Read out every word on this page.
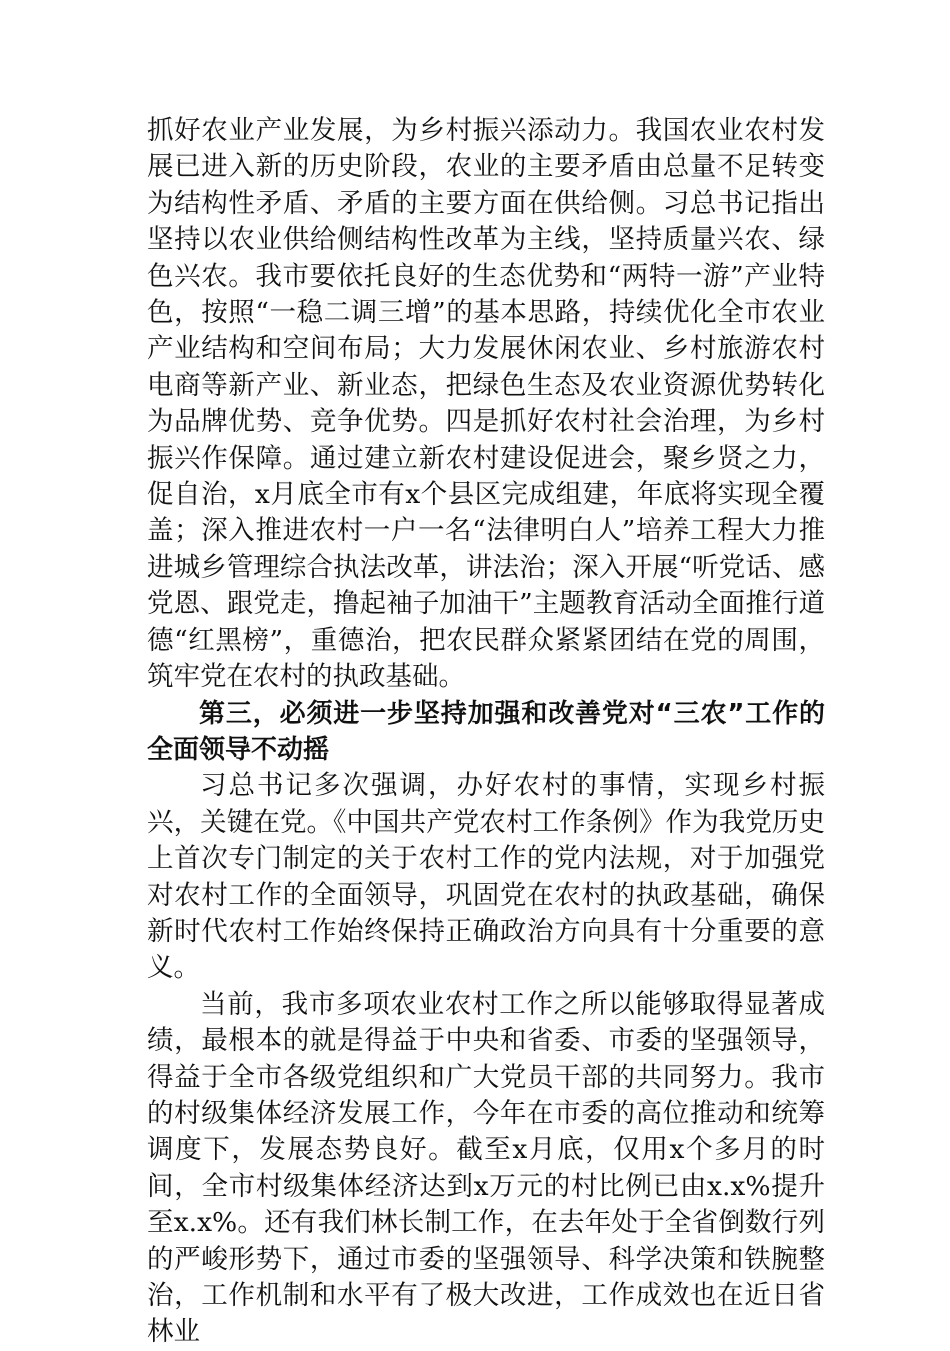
抓好农业产业发展，为乡村振兴添动力。我国农业农村发展已进入新的历史阶段，农业的主要矛盾由总量不足转变为结构性矛盾、矛盾的主要方面在供给侧。习总书记指出坚持以农业供给侧结构性改革为主线，坚持质量兴农、绿色兴农。我市要依托良好的生态优势和“两特一游”产业特色，按照“一稳二调三增”的基本思路，持续优化全市农业产业结构和空间布局；大力发展休闲农业、乡村旅游农村电商等新产业、新业态，把绿色生态及农业资源优势转化为品牌优势、竞争优势。四是抓好农村社会治理，为乡村振兴作保障。通过建立新农村建设促进会，聚乡贤之力，促自治，x月底全市有x个县区完成组建，年底将实现全覆盖；深入推进农村一户一名“法律明白人”培养工程大力推进城乡管理综合执法改革，讲法治；深入开展“听党话、感党恩、跟党走，撸起袖子加油干”主题教育活动全面推行道德“红黑榜”，重德治，把农民群众紧紧团结在党的周围，筑牢党在农村的执政基础。

第三，必须进一步坚持加强和改善党对“三农”工作的全面领导不动摇

习总书记多次强调，办好农村的事情，实现乡村振兴，关键在党。《中国共产党农村工作条例》作为我党历史上首次专门制定的关于农村工作的党内法规，对于加强党对农村工作的全面领导，巩固党在农村的执政基础，确保新时代农村工作始终保持正确政治方向具有十分重要的意义。

当前，我市多项农业农村工作之所以能够取得显著成绩，最根本的就是得益于中央和省委、市委的坚强领导，得益于全市各级党组织和广大党员干部的共同努力。我市的村级集体经济发展工作，今年在市委的高位推动和统筹调度下，发展态势良好。截至x月底，仅用x个多月的时间，全市村级集体经济达到x万元的村比例已由x.x%提升至x.x%。还有我们林长制工作，在去年处于全省倒数行列的严峻形势下，通过市委的坚强领导、科学决策和铁腕整治，工作机制和水平有了极大改进，工作成效也在近日省林业
